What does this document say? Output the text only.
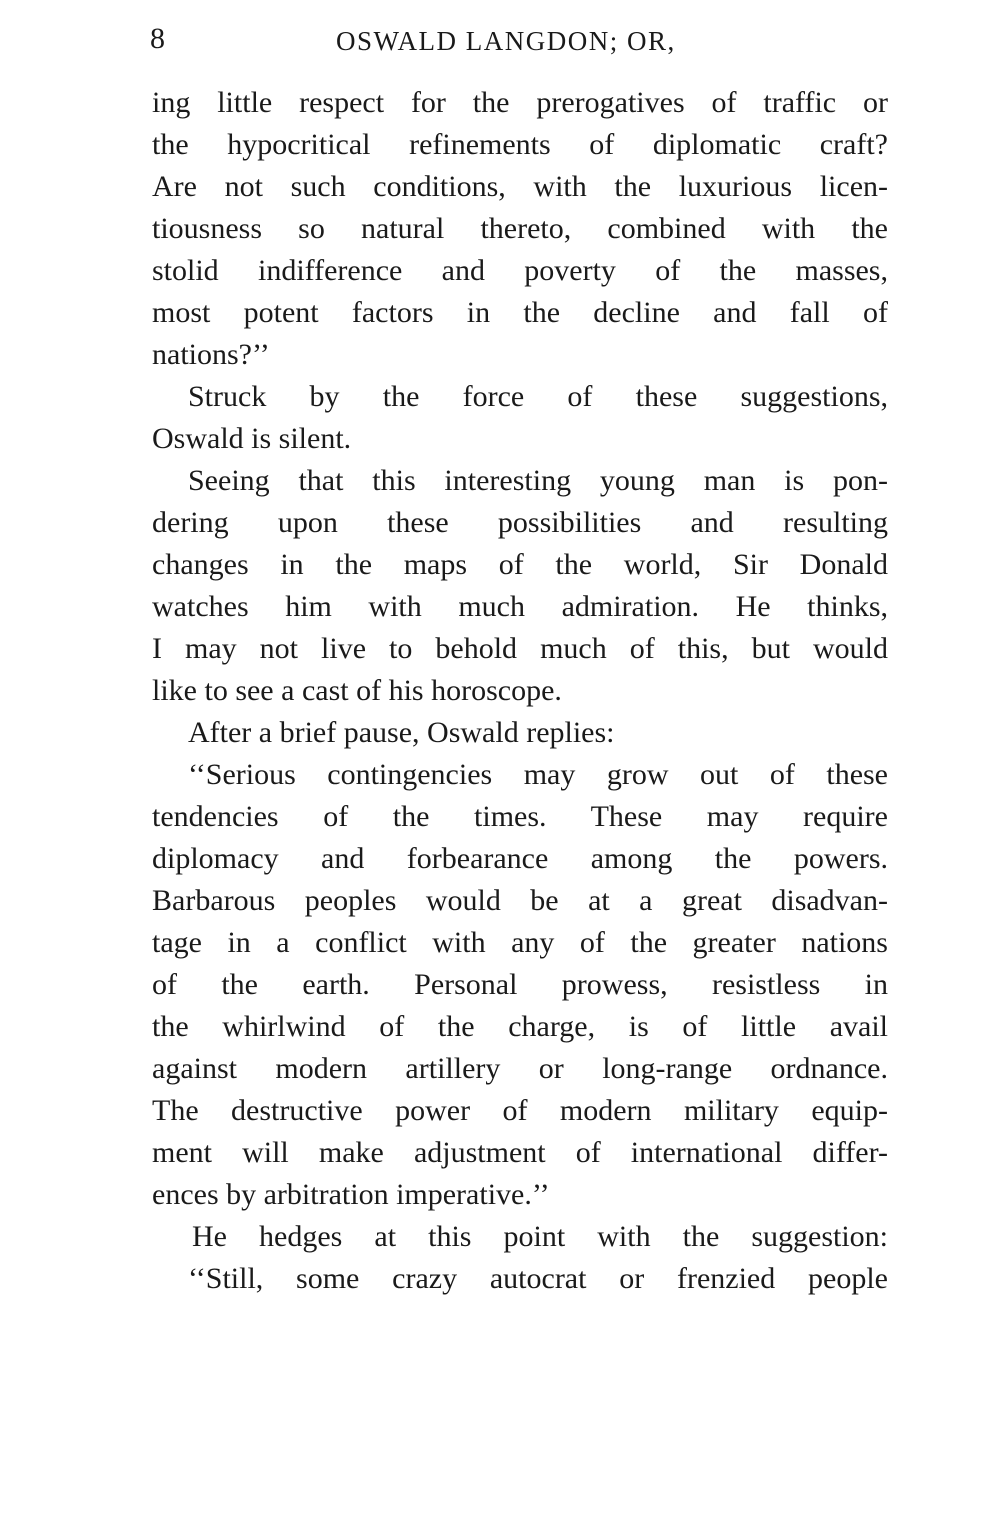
8	OSWALD LANGDON; OR,
ing little respect for the prerogatives of traffic or
the hypocritical refinements of diplomatic craft?
Are not such conditions, with the luxurious licen-
tiousness so natural thereto, combined with the
stolid indifference and poverty of the masses,
most potent factors in the decline and fall of
nations?’’
Struck by the force of these suggestions,
Oswald is silent.
Seeing that this interesting young man is pon-
dering upon these possibilities and resulting
changes in the maps of the world, Sir Donald
watches him with much admiration. He thinks,
I may not live to behold much of this, but would
like to see a cast of his horoscope.
After a brief pause, Oswald replies:
‘‘Serious contingencies may grow out of these
tendencies of the times. These may require
diplomacy and forbearance among the powers.
Barbarous peoples would be at a great disadvan-
tage in a conflict with any of the greater nations
of the earth. Personal prowess, resistless in
the whirlwind of the charge, is of little avail
against modern artillery or long-range ordnance.
The destructive power of modern military equip-
ment will make adjustment of international differ-
ences by arbitration imperative.’’
He hedges at this point with the suggestion:
‘‘Still, some crazy autocrat or frenzied people
